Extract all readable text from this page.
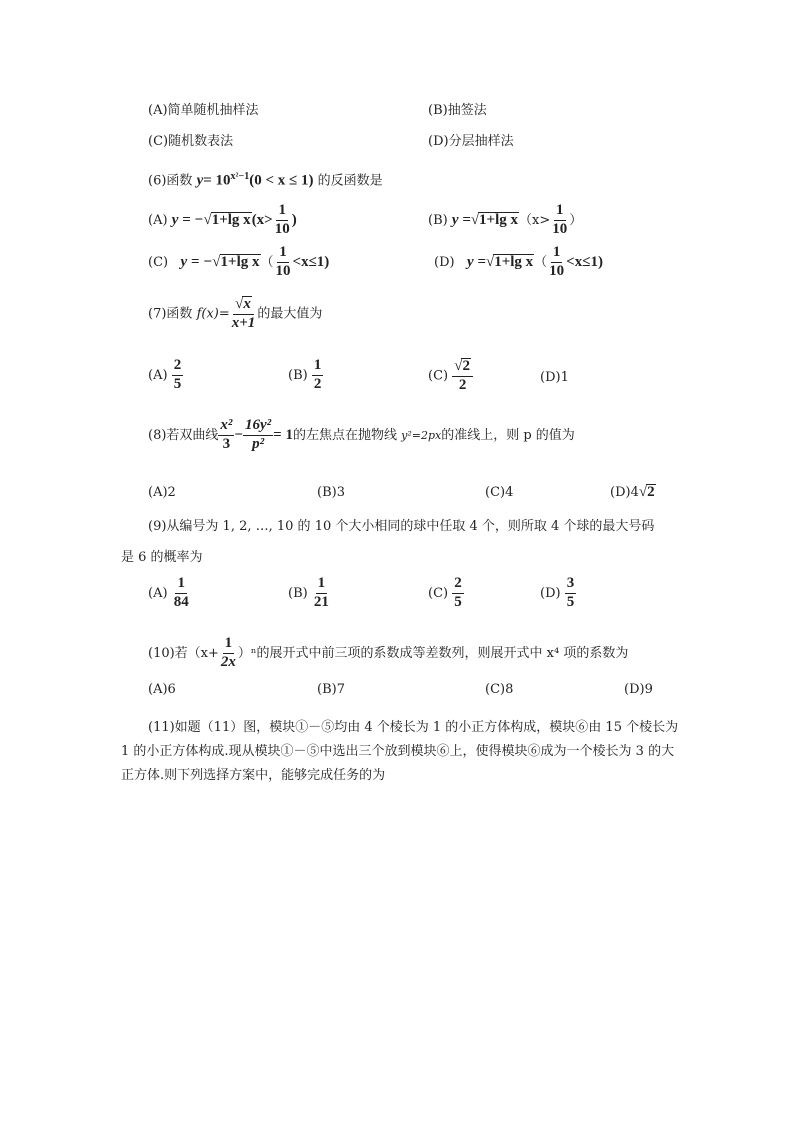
(A)简单随机抽样法	(B)抽签法
(C)随机数表法	(D)分层抽样法
(6)函数 $y= 10^{x^2-1}(0 < x \le 1)$ 的反函数是
(A) y = −√1+lg $x(x> \frac{1}{10}$ )	(B) y =√1+lg $x(x> \frac{1}{10}$ ）
(C) y = −√1+lg $x( \frac{1}{10} <x\le 1)$	(D) y =√1+lg $x( \frac{1}{10} <x\le 1)$
(7)函数 $f(x)= \frac{√x}{x+1}$ 的最大值为
$(A) \frac{2}{5}$	$(B) \frac{1}{2}$	$(C) \frac{√2}{2}$	(D)1
(8)若双曲线 $\frac{\text{x²}}{3} - \frac{\text{16y²}}{\text{p²}} = 1$的左焦点在抛物线 y²=2px的准线上，则 p 的值为
(A)2	(B)3	(C)4	(D)4√2
(9)从编号为 1, 2, …, 10 的 10 个大小相同的球中任取 4 个，则所取 4 个球的最大号码
是 6 的概率为
$(A) \frac{1}{84}$	$(B) \frac{1}{21}$	$(C) \frac{2}{5}$	$(D) \frac{3}{5}$
(10)若$(x+ \frac{1}{2x} )^n$的展开式中前三项的系数成等差数列，则展开式中 x⁴ 项的系数为
(A)6	(B)7	(C)8	(D)9
(11)如题（11）图，模块①－⑤均由 4 个棱长为 1 的小正方体构成，模块⑥由 15 个棱长为 1 的小正方体构成.现从模块①－⑤中选出三个放到模块⑥上，使得模块⑥成为一个棱长为 3 的大正方体.则下列选择方案中，能够完成任务的为
